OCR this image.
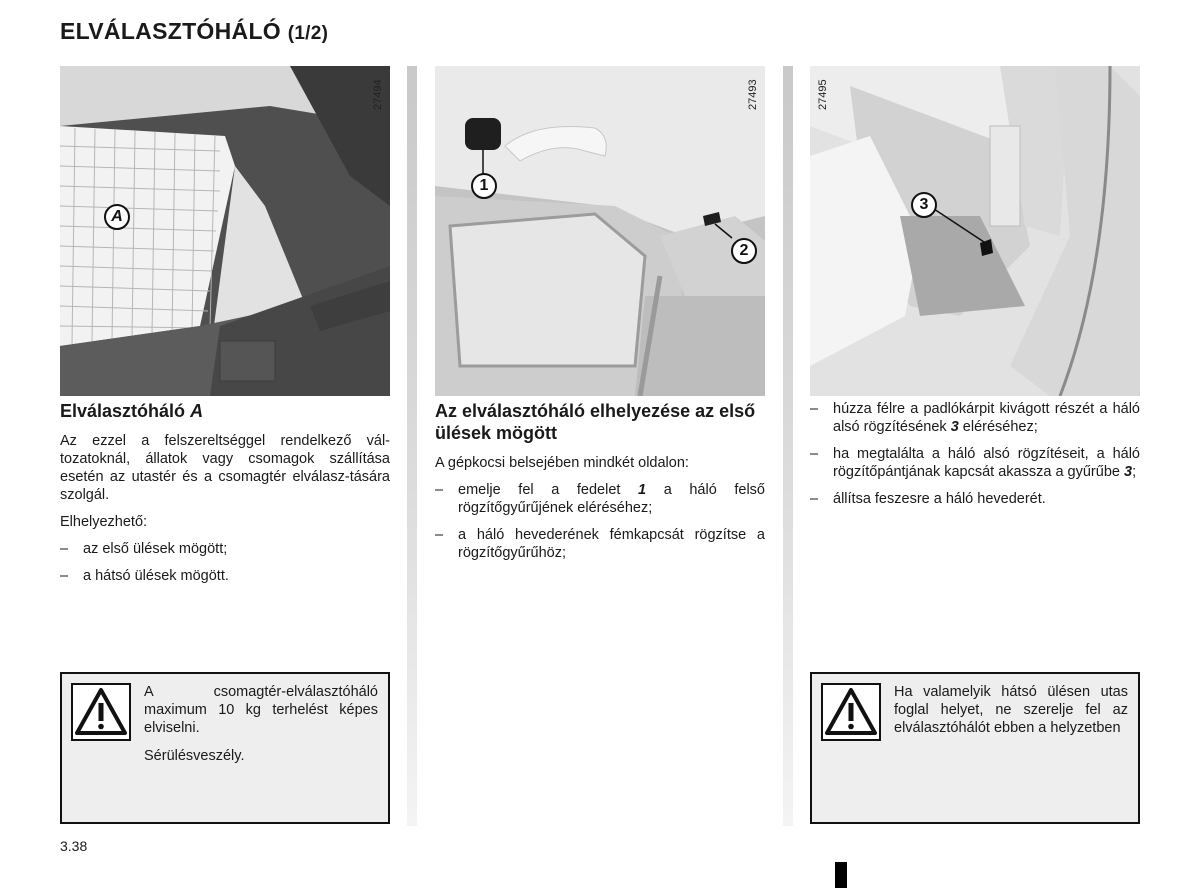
ELVÁLASZTÓHÁLÓ (1/2)
27494
A
27493
1
2
27495
3
Elválasztóháló A

Az ezzel a felszereltséggel rendelkező vál-tozatoknál, állatok vagy csomagok szállítása esetén az utastér és a csomagtér elválasz-tására szolgál.

Elhelyezhető:

– az első ülések mögött;
– a hátsó ülések mögött.
Az elválasztóháló elhelyezése az első ülések mögött

A gépkocsi belsejében mindkét oldalon:

– emelje fel a fedelet 1 a háló felső rögzítőgyűrűjének eléréséhez;
– a háló hevederének fémkapcsát rögzítse a rögzítőgyűrűhöz;
– húzza félre a padlókárpit kivágott részét a háló alsó rögzítésének 3 eléréséhez;
– ha megtalálta a háló alsó rögzítéseit, a háló rögzítőpántjának kapcsát akassza a gyűrűbe 3;
– állítsa feszesre a háló hevederét.

A csomagtér-elválasztóháló maximum 10 kg terhelést képes elviselni.

Sérülésveszély.

Ha valamelyik hátsó ülésen utas foglal helyet, ne szerelje fel az elválasztóhálót ebben a helyzetben

3.38
